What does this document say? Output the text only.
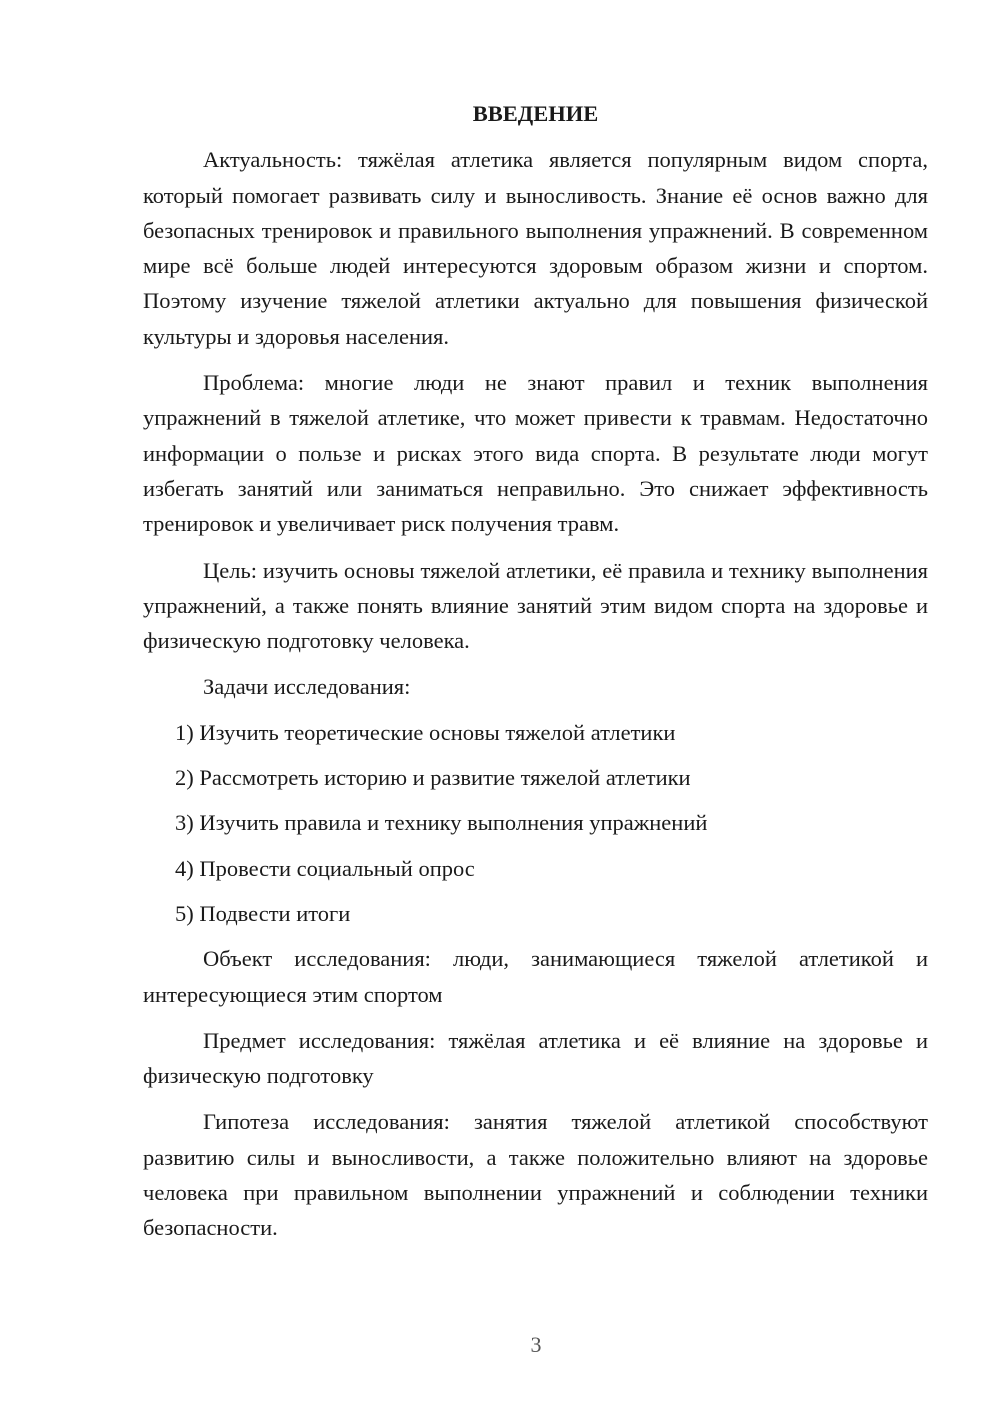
ВВЕДЕНИЕ

Актуальность: тяжёлая атлетика является популярным видом спорта, который помогает развивать силу и выносливость. Знание её основ важно для безопасных тренировок и правильного выполнения упражнений. В современном мире всё больше людей интересуются здоровым образом жизни и спортом. Поэтому изучение тяжелой атлетики актуально для повышения физической культуры и здоровья населения.

Проблема: многие люди не знают правил и техник выполнения упражнений в тяжелой атлетике, что может привести к травмам. Недостаточно информации о пользе и рисках этого вида спорта. В результате люди могут избегать занятий или заниматься неправильно. Это снижает эффективность тренировок и увеличивает риск получения травм.

Цель: изучить основы тяжелой атлетики, её правила и технику выполнения упражнений, а также понять влияние занятий этим видом спорта на здоровье и физическую подготовку человека.

Задачи исследования:

1) Изучить теоретические основы тяжелой атлетики

2) Рассмотреть историю и развитие тяжелой атлетики

3) Изучить правила и технику выполнения упражнений

4) Провести социальный опрос

5) Подвести итоги

Объект исследования: люди, занимающиеся тяжелой атлетикой и интересующиеся этим спортом

Предмет исследования: тяжёлая атлетика и её влияние на здоровье и физическую подготовку

Гипотеза исследования: занятия тяжелой атлетикой способствуют развитию силы и выносливости, а также положительно влияют на здоровье человека при правильном выполнении упражнений и соблюдении техники безопасности.

3
